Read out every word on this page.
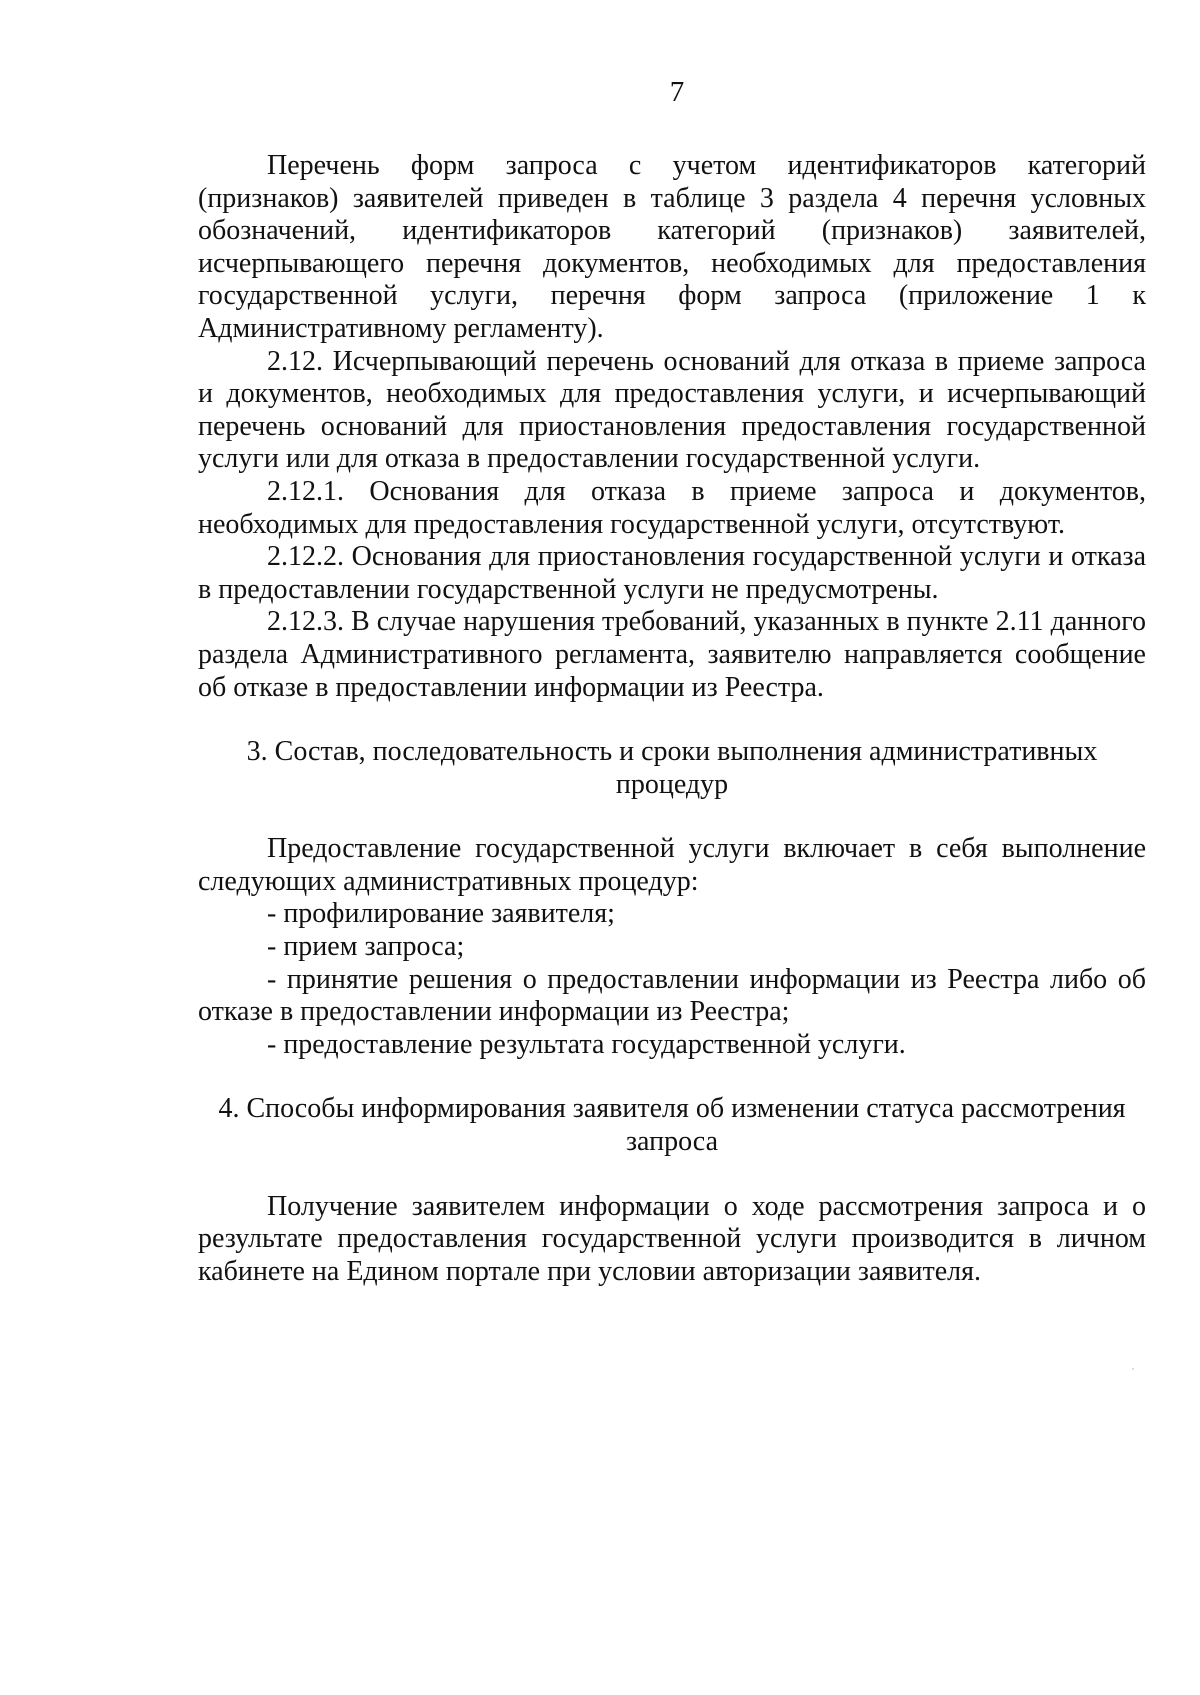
7

Перечень форм запроса с учетом идентификаторов категорий (признаков) заявителей приведен в таблице 3 раздела 4 перечня условных обозначений, идентификаторов категорий (признаков) заявителей, исчерпывающего перечня документов, необходимых для предоставления государственной услуги, перечня форм запроса (приложение 1 к Административному регламенту).

2.12. Исчерпывающий перечень оснований для отказа в приеме запроса и документов, необходимых для предоставления услуги, и исчерпывающий перечень оснований для приостановления предоставления государственной услуги или для отказа в предоставлении государственной услуги.

2.12.1. Основания для отказа в приеме запроса и документов, необходимых для предоставления государственной услуги, отсутствуют.

2.12.2. Основания для приостановления государственной услуги и отказа в предоставлении государственной услуги не предусмотрены.

2.12.3. В случае нарушения требований, указанных в пункте 2.11 данного раздела Административного регламента, заявителю направляется сообщение об отказе в предоставлении информации из Реестра.

3. Состав, последовательность и сроки выполнения административных
процедур

Предоставление государственной услуги включает в себя выполнение следующих административных процедур:

- профилирование заявителя;

- прием запроса;

- принятие решения о предоставлении информации из Реестра либо об отказе в предоставлении информации из Реестра;

- предоставление результата государственной услуги.

4. Способы информирования заявителя об изменении статуса рассмотрения
запроса

Получение заявителем информации о ходе рассмотрения запроса и о результате предоставления государственной услуги производится в личном кабинете на Едином портале при условии авторизации заявителя.
